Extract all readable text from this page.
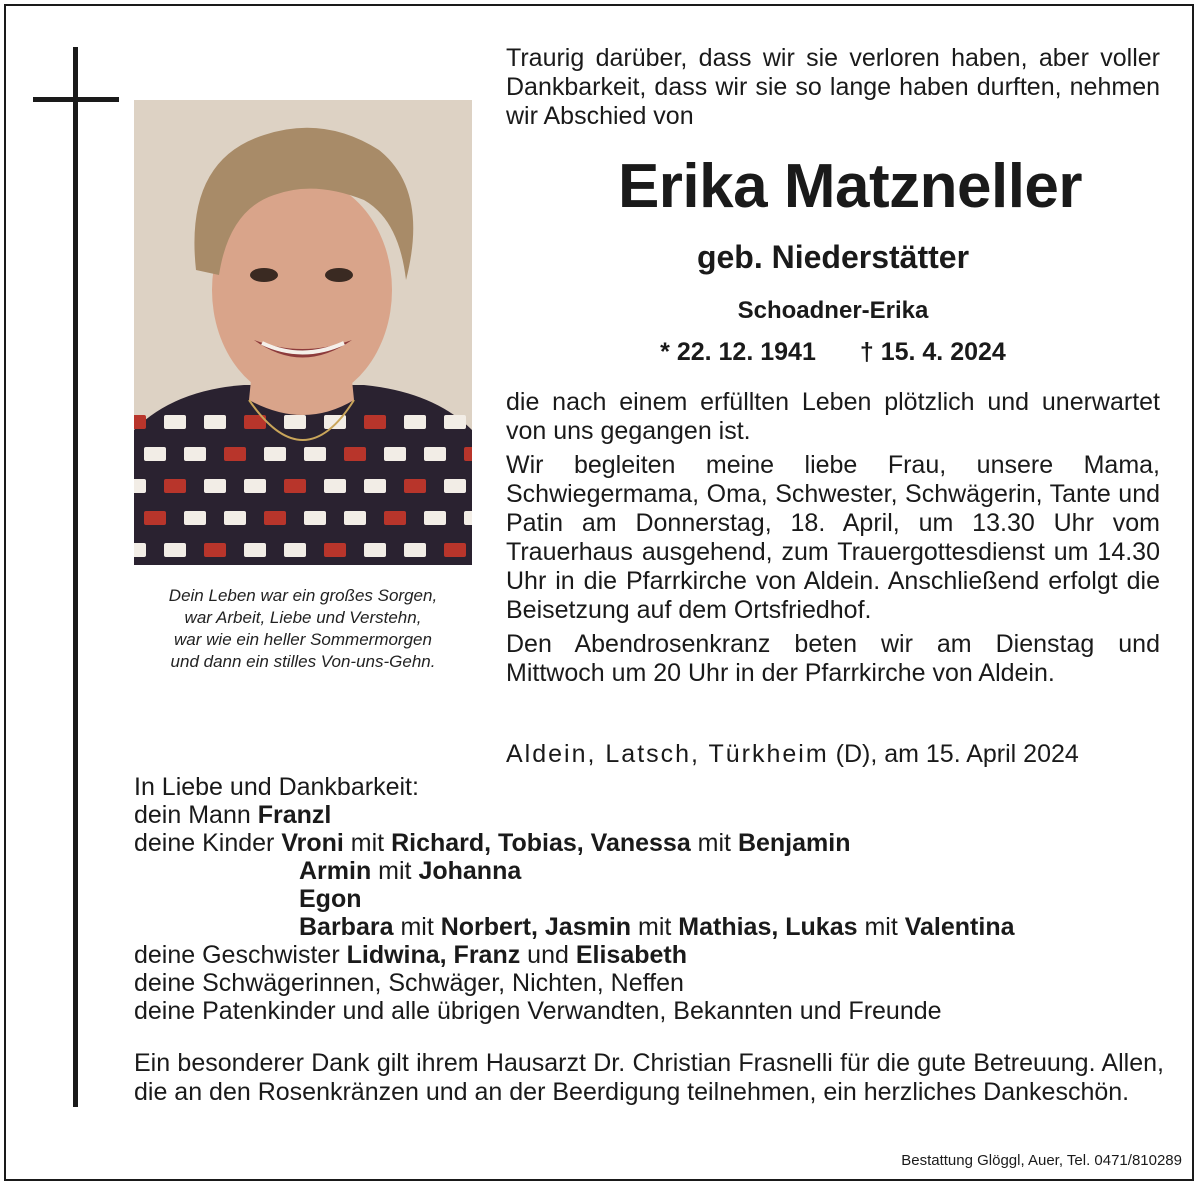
Dein Leben war ein großes Sorgen,
war Arbeit, Liebe und Verstehn,
war wie ein heller Sommermorgen
und dann ein stilles Von-uns-Gehn.
Traurig darüber, dass wir sie verloren haben, aber voller Dankbarkeit, dass wir sie so lange haben durften, nehmen wir Abschied von
Erika Matzneller
geb. Niederstätter
Schoadner-Erika
* 22. 12. 1941 † 15. 4. 2024

die nach einem erfüllten Leben plötzlich und unerwartet von uns gegangen ist.

Wir begleiten meine liebe Frau, unsere Mama, Schwiegermama, Oma, Schwester, Schwägerin, Tante und Patin am Donnerstag, 18. April, um 13.30 Uhr vom Trauerhaus ausgehend, zum Trauergottesdienst um 14.30 Uhr in die Pfarrkirche von Aldein. Anschließend erfolgt die Beisetzung auf dem Ortsfriedhof.

Den Abendrosenkranz beten wir am Dienstag und Mittwoch um 20 Uhr in der Pfarrkirche von Aldein.

Aldein, Latsch, Türkheim (D), am 15. April 2024
In Liebe und Dankbarkeit:
dein Mann Franzl
deine Kinder Vroni mit Richard, Tobias, Vanessa mit Benjamin
Armin mit Johanna
Egon
Barbara mit Norbert, Jasmin mit Mathias, Lukas mit Valentina
deine Geschwister Lidwina, Franz und Elisabeth
deine Schwägerinnen, Schwäger, Nichten, Neffen
deine Patenkinder und alle übrigen Verwandten, Bekannten und Freunde
Ein besonderer Dank gilt ihrem Hausarzt Dr. Christian Frasnelli für die gute Betreuung. Allen, die an den Rosenkränzen und an der Beerdigung teilnehmen, ein herzliches Dankeschön.
Bestattung Glöggl, Auer, Tel. 0471/810289
